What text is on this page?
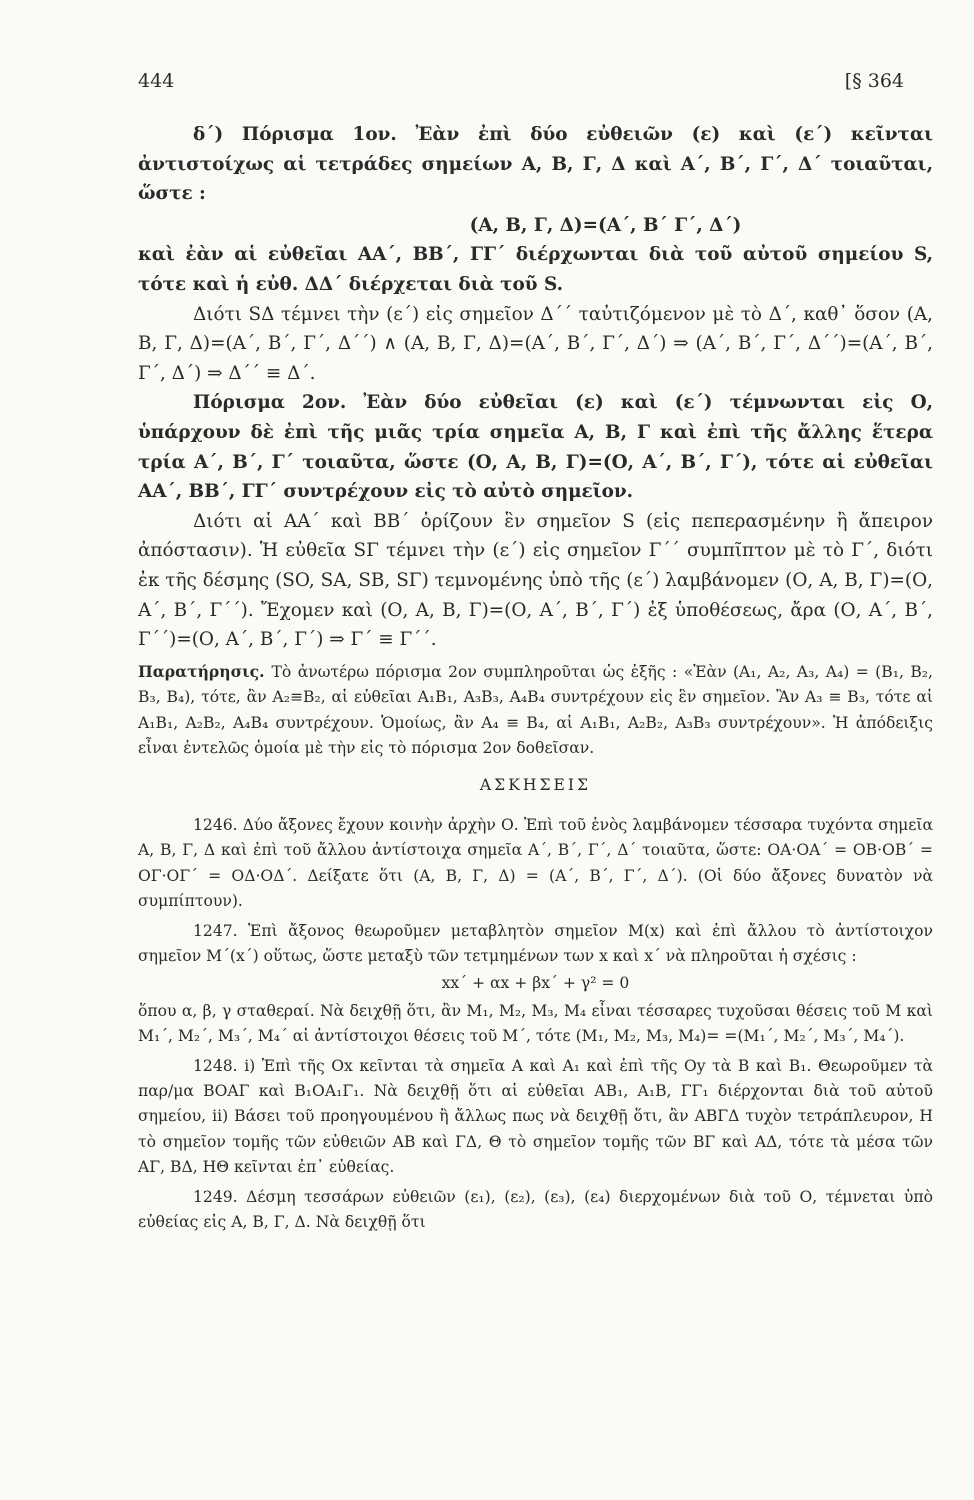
444	[§ 364

δ΄) Πόρισμα 1ον. Ἐὰν ἐπὶ δύο εὐθειῶν (ε) καὶ (ε΄) κεῖνται ἀντιστοίχως αἱ τετράδες σημείων Α, Β, Γ, Δ καὶ Α΄, Β΄, Γ΄, Δ΄ τοιαῦται, ὥστε :

(Α, Β, Γ, Δ)=(Α΄, Β΄ Γ΄, Δ΄)

καὶ ἐὰν αἱ εὐθεῖαι ΑΑ΄, ΒΒ΄, ΓΓ΄ διέρχωνται διὰ τοῦ αὐτοῦ σημείου S, τότε καὶ ἡ εὐθ. ΔΔ΄ διέρχεται διὰ τοῦ S.

Διότι SΔ τέμνει τὴν (ε΄) εἰς σημεῖον Δ΄΄ ταὐτιζόμενον μὲ τὸ Δ΄, καθ᾿ ὅσον (Α, Β, Γ, Δ)=(Α΄, Β΄, Γ΄, Δ΄΄) ∧ (Α, Β, Γ, Δ)=(Α΄, Β΄, Γ΄, Δ΄) ⇒ (Α΄, Β΄, Γ΄, Δ΄΄)=(Α΄, Β΄, Γ΄, Δ΄) ⇒ Δ΄΄ ≡ Δ΄.

Πόρισμα 2ον. Ἐὰν δύο εὐθεῖαι (ε) καὶ (ε΄) τέμνωνται εἰς Ο, ὑπάρχουν δὲ ἐπὶ τῆς μιᾶς τρία σημεῖα Α, Β, Γ καὶ ἐπὶ τῆς ἄλλης ἕτερα τρία Α΄, Β΄, Γ΄ τοιαῦτα, ὥστε (Ο, Α, Β, Γ)=(Ο, Α΄, Β΄, Γ΄), τότε αἱ εὐθεῖαι ΑΑ΄, ΒΒ΄, ΓΓ΄ συντρέχουν εἰς τὸ αὐτὸ σημεῖον.

Διότι αἱ ΑΑ΄ καὶ ΒΒ΄ ὁρίζουν ἓν σημεῖον S (εἰς πεπερασμένην ἢ ἄπειρον ἀπόστασιν). Ἡ εὐθεῖα SΓ τέμνει τὴν (ε΄) εἰς σημεῖον Γ΄΄ συμπῖπτον μὲ τὸ Γ΄, διότι ἐκ τῆς δέσμης (SO, SA, SB, SΓ) τεμνομένης ὑπὸ τῆς (ε΄) λαμβάνομεν (Ο, Α, Β, Γ)=(Ο, Α΄, Β΄, Γ΄΄). Ἔχομεν καὶ (Ο, Α, Β, Γ)=(Ο, Α΄, Β΄, Γ΄) ἐξ ὑποθέσεως, ἄρα (Ο, Α΄, Β΄, Γ΄΄)=(Ο, Α΄, Β΄, Γ΄) ⇒ Γ΄ ≡ Γ΄΄.

Παρατήρησις. Τὸ ἀνωτέρω πόρισμα 2ον συμπληροῦται ὡς ἑξῆς : «Ἐὰν (Α₁, Α₂, Α₃, Α₄) = (Β₁, Β₂, Β₃, Β₄), τότε, ἂν Α₂≡Β₂, αἱ εὐθεῖαι Α₁Β₁, Α₃Β₃, Α₄Β₄ συντρέχουν εἰς ἓν σημεῖον. Ἂν Α₃ ≡ Β₃, τότε αἱ Α₁Β₁, Α₂Β₂, Α₄Β₄ συντρέχουν. Ὁμοίως, ἂν Α₄ ≡ Β₄, αἱ Α₁Β₁, Α₂Β₂, Α₃Β₃ συντρέχουν». Ἡ ἀπόδειξις εἶναι ἐντελῶς ὁμοία μὲ τὴν εἰς τὸ πόρισμα 2ον δοθεῖσαν.

ΑΣΚΗΣΕΙΣ

1246. Δύο ἄξονες ἔχουν κοινὴν ἀρχὴν Ο. Ἐπὶ τοῦ ἑνὸς λαμβάνομεν τέσσαρα τυχόντα σημεῖα Α, Β, Γ, Δ καὶ ἐπὶ τοῦ ἄλλου ἀντίστοιχα σημεῖα Α΄, Β΄, Γ΄, Δ΄ τοιαῦτα, ὥστε: ΟΑ·ΟΑ΄ = ΟΒ·ΟΒ΄ = ΟΓ·ΟΓ΄ = ΟΔ·ΟΔ΄. Δείξατε ὅτι (Α, Β, Γ, Δ) = (Α΄, Β΄, Γ΄, Δ΄). (Οἱ δύο ἄξονες δυνατὸν νὰ συμπίπτουν).

1247. Ἐπὶ ἄξονος θεωροῦμεν μεταβλητὸν σημεῖον Μ(x) καὶ ἐπὶ ἄλλου τὸ ἀντίστοιχον σημεῖον Μ΄(x΄) οὕτως, ὥστε μεταξὺ τῶν τετμημένων των x καὶ x΄ νὰ πληροῦται ἡ σχέσις :

xx΄ + αx + βx΄ + γ² = 0

ὅπου α, β, γ σταθεραί. Νὰ δειχθῇ ὅτι, ἂν Μ₁, Μ₂, Μ₃, Μ₄ εἶναι τέσσαρες τυχοῦσαι θέσεις τοῦ Μ καὶ Μ₁΄, Μ₂΄, Μ₃΄, Μ₄΄ αἱ ἀντίστοιχοι θέσεις τοῦ Μ΄, τότε (Μ₁, Μ₂, Μ₃, Μ₄)= =(Μ₁΄, Μ₂΄, Μ₃΄, Μ₄΄).

1248. i) Ἐπὶ τῆς Οx κεῖνται τὰ σημεῖα Α καὶ Α₁ καὶ ἐπὶ τῆς Οy τὰ Β καὶ Β₁. Θεωροῦμεν τὰ παρ/μα ΒΟΑΓ καὶ Β₁ΟΑ₁Γ₁. Νὰ δειχθῇ ὅτι αἱ εὐθεῖαι ΑΒ₁, Α₁Β, ΓΓ₁ διέρχονται διὰ τοῦ αὐτοῦ σημείου, ii) Βάσει τοῦ προηγουμένου ἢ ἄλλως πως νὰ δειχθῇ ὅτι, ἂν ΑΒΓΔ τυχὸν τετράπλευρον, Η τὸ σημεῖον τομῆς τῶν εὐθειῶν ΑΒ καὶ ΓΔ, Θ τὸ σημεῖον τομῆς τῶν ΒΓ καὶ ΑΔ, τότε τὰ μέσα τῶν ΑΓ, ΒΔ, ΗΘ κεῖνται ἐπ᾿ εὐθείας.

1249. Δέσμη τεσσάρων εὐθειῶν (ε₁), (ε₂), (ε₃), (ε₄) διερχομένων διὰ τοῦ Ο, τέμνεται ὑπὸ εὐθείας εἰς Α, Β, Γ, Δ. Νὰ δειχθῇ ὅτι
